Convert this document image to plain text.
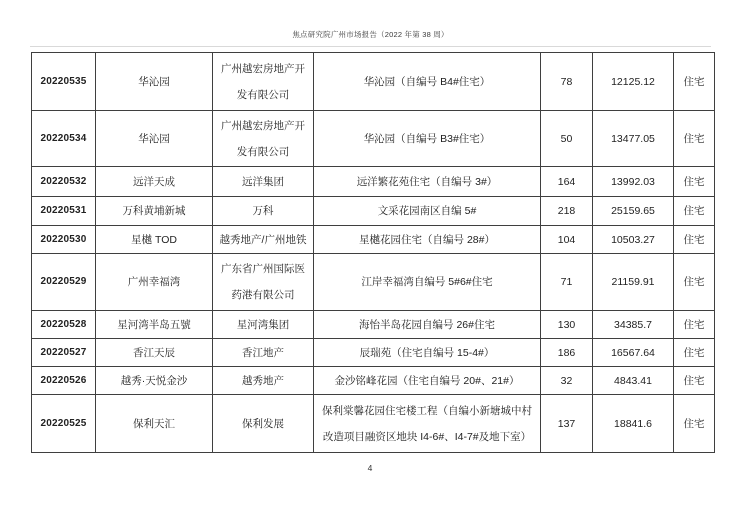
焦点研究院广州市场报告（2022 年第 38 周）
20220535	华沁园	广州越宏房地产开发有限公司	华沁园（自编号 B4#住宅）	78	12125.12	住宅
20220534	华沁园	广州越宏房地产开发有限公司	华沁园（自编号 B3#住宅）	50	13477.05	住宅
20220532	远洋天成	远洋集团	远洋繁花苑住宅（自编号 3#）	164	13992.03	住宅
20220531	万科黄埔新城	万科	文采花园南区自编 5#	218	25159.65	住宅
20220530	星樾 TOD	越秀地产/广州地铁	星樾花园住宅（自编号 28#）	104	10503.27	住宅
20220529	广州幸福湾	广东省广州国际医药港有限公司	江岸幸福湾自编号 5#6#住宅	71	21159.91	住宅
20220528	星河湾半岛五號	星河湾集团	海怡半岛花园自编号 26#住宅	130	34385.7	住宅
20220527	香江天辰	香江地产	辰瑞苑（住宅自编号 15-4#）	186	16567.64	住宅
20220526	越秀·天悦金沙	越秀地产	金沙铭峰花园（住宅自编号 20#、21#）	32	4843.41	住宅
20220525	保利天汇	保利发展	保利棠馨花园住宅楼工程（自编小新塘城中村改造项目融资区地块 I4-6#、I4-7#及地下室）	137	18841.6	住宅
4
